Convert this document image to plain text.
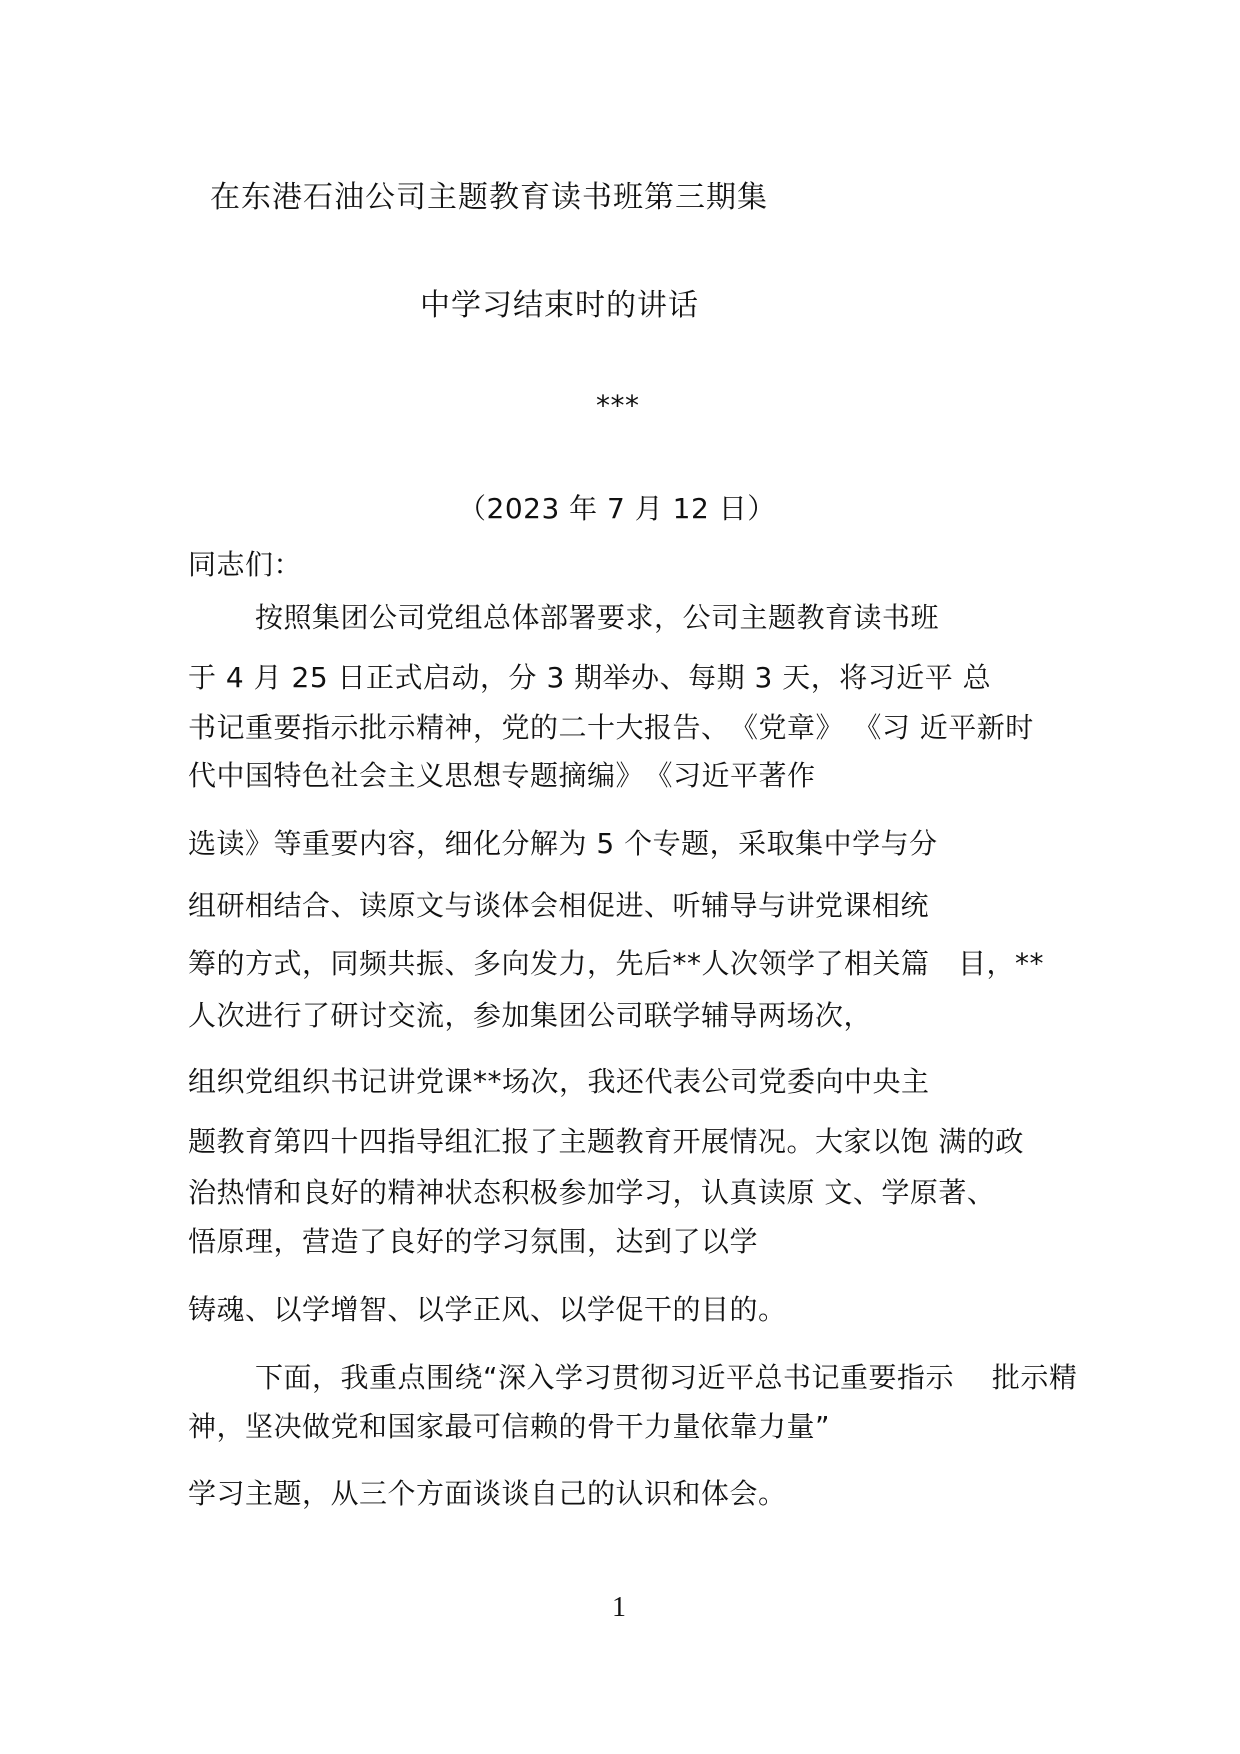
在东港石油公司主题教育读书班第三期集
中学习结束时的讲话
***
（2023 年 7 月 12 日）
同志们：
按照集团公司党组总体部署要求，公司主题教育读书班
于 4 月 25 日正式启动，分 3 期举办、每期 3 天，将习近平 总
书记重要指示批示精神，党的二十大报告、　《党章》 《习 近平新时
代中国特色社会主义思想专题摘编》　《习近平著作
选读》等重要内容，细化分解为 5 个专题，采取集中学与分
组研相结合、读原文与谈体会相促进、听辅导与讲党课相统
筹的方式，同频共振、多向发力，先后**人次领学了相关篇　目，**
人次进行了研讨交流，参加集团公司联学辅导两场次，
组织党组织书记讲党课**场次，我还代表公司党委向中央主
题教育第四十四指导组汇报了主题教育开展情况。大家以饱 满的政
治热情和良好的精神状态积极参加学习，认真读原 文、学原著、
悟原理，营造了良好的学习氛围，达到了以学
铸魂、以学增智、以学正风、以学促干的目的。
下面，我重点围绕“深入学习贯彻习近平总书记重要指示　 批示精
神，坚决做党和国家最可信赖的骨干力量依靠力量”
学习主题，从三个方面谈谈自己的认识和体会。
1
